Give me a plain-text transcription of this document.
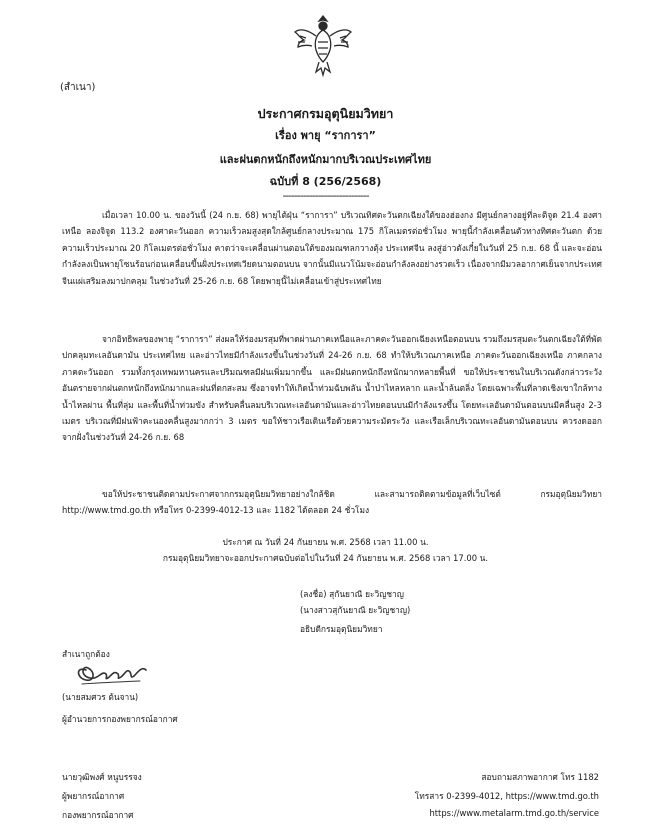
(สำเนา)
ประกาศกรมอุตุนิยมวิทยา
เรื่อง พายุ “ราการา”
และฝนตกหนักถึงหนักมากบริเวณประเทศไทย
ฉบับที่ 8 (256/2568)
-----------------------------

เมื่อเวลา 10.00 น. ของวันนี้ (24 ก.ย. 68) พายุไต้ฝุ่น “ราการา” บริเวณทิศตะวันตกเฉียงใต้ของฮ่องกง มีศูนย์กลางอยู่ที่ละติจูด 21.4 องศาเหนือ ลองจิจูด 113.2 องศาตะวันออก ความเร็วลมสูงสุดใกล้ศูนย์กลางประมาณ 175 กิโลเมตรต่อชั่วโมง พายุนี้กำลังเคลื่อนตัวทางทิศตะวันตก ด้วยความเร็วประมาณ 20 กิโลเมตรต่อชั่วโมง คาดว่าจะเคลื่อนผ่านตอนใต้ของมณฑลกวางตุ้ง ประเทศจีน ลงสู่อ่าวตังเกี๋ยในวันที่ 25 ก.ย. 68 นี้ และจะอ่อนกำลังลงเป็นพายุโซนร้อนก่อนเคลื่อนขึ้นฝั่งประเทศเวียดนามตอนบน จากนั้นมีแนวโน้มจะอ่อนกำลังลงอย่างรวดเร็ว เนื่องจากมีมวลอากาศเย็นจากประเทศจีนแผ่เสริมลงมาปกคลุม ในช่วงวันที่ 25-26 ก.ย. 68 โดยพายุนี้ไม่เคลื่อนเข้าสู่ประเทศไทย

จากอิทธิพลของพายุ “ราการา” ส่งผลให้ร่องมรสุมที่พาดผ่านภาคเหนือและภาคตะวันออกเฉียงเหนือตอนบน รวมถึงมรสุมตะวันตกเฉียงใต้ที่พัดปกคลุมทะเลอันดามัน ประเทศไทย และอ่าวไทยมีกำลังแรงขึ้นในช่วงวันที่ 24-26 ก.ย. 68 ทำให้บริเวณภาคเหนือ ภาคตะวันออกเฉียงเหนือ ภาคกลาง ภาคตะวันออก รวมทั้งกรุงเทพมหานครและปริมณฑลมีฝนเพิ่มมากขึ้น และมีฝนตกหนักถึงหนักมากหลายพื้นที่ ขอให้ประชาชนในบริเวณดังกล่าวระวังอันตรายจากฝนตกหนักถึงหนักมากและฝนที่ตกสะสม ซึ่งอาจทำให้เกิดน้ำท่วมฉับพลัน น้ำป่าไหลหลาก และน้ำล้นตลิ่ง โดยเฉพาะพื้นที่ลาดเชิงเขาใกล้ทางน้ำไหลผ่าน พื้นที่ลุ่ม และพื้นที่น้ำท่วมขัง สำหรับคลื่นลมบริเวณทะเลอันดามันและอ่าวไทยตอนบนมีกำลังแรงขึ้น โดยทะเลอันดามันตอนบนมีคลื่นสูง 2-3 เมตร บริเวณที่มีฝนฟ้าคะนองคลื่นสูงมากกว่า 3 เมตร ขอให้ชาวเรือเดินเรือด้วยความระมัดระวัง และเรือเล็กบริเวณทะเลอันดามันตอนบน ควรงดออกจากฝั่งในช่วงวันที่ 24-26 ก.ย. 68

ขอให้ประชาชนติดตามประกาศจากกรมอุตุนิยมวิทยาอย่างใกล้ชิด และสามารถติดตามข้อมูลที่เว็บไซต์ กรมอุตุนิยมวิทยา http://www.tmd.go.th หรือโทร 0-2399-4012-13 และ 1182 ได้ตลอด 24 ชั่วโมง

ประกาศ ณ วันที่ 24 กันยายน พ.ศ. 2568 เวลา 11.00 น.
กรมอุตุนิยมวิทยาจะออกประกาศฉบับต่อไปในวันที่ 24 กันยายน พ.ศ. 2568 เวลา 17.00 น.
(ลงชื่อ) สุกันยาณี ยะวิญชาญ
(นางสาวสุกันยาณี ยะวิญชาญ)
อธิบดีกรมอุตุนิยมวิทยา
สำเนาถูกต้อง
(นายสมศวร ต้นจาน)
ผู้อำนวยการกองพยากรณ์อากาศ
นายวุฒิพงศ์ หนูบรรจง
ผู้พยากรณ์อากาศ
กองพยากรณ์อากาศ
สอบถามสภาพอากาศ โทร 1182
โทรสาร 0-2399-4012, https://www.tmd.go.th
https://www.metalarm.tmd.go.th/service
